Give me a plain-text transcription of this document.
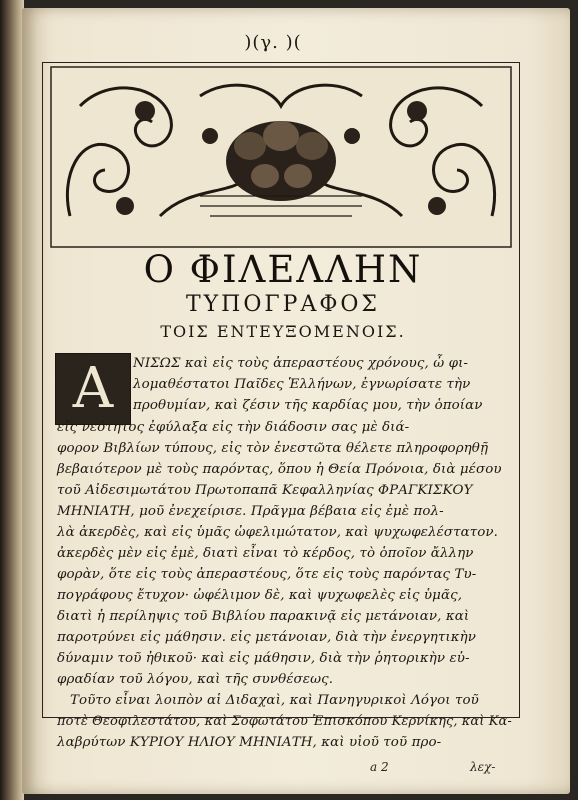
)(γ. )(
Ο ΦΙΛΕΛΛΗΝ
ΤΥΠΟΓΡΑΦΟΣ
ΤΟΙΣ ΕΝΤΕΥΞΟΜΕΝΟΙΣ.
Α	ΝΙΣΩΣ καὶ εἰς τοὺς ἀπεραστέους χρόνους, ὦ φι-
λομαθέστατοι Παῖδες Ἑλλήνων, ἐγνωρίσατε τὴν
προθυμίαν, καὶ ζέσιν τῆς καρδίας μου, τὴν ὁποίαν
εἰς νεότητος ἐφύλαξα εἰς τὴν διάδοσιν σας μὲ διά-
φορον Βιβλίων τύπους, εἰς τὸν ἐνεστῶτα θέλετε πληροφορηθῇ
βεβαιότερον μὲ τοὺς παρόντας, ὅπου ἡ Θεία Πρόνοια, διὰ μέσου
τοῦ Αἰδεσιμωτάτου Πρωτοπαπᾶ Κεφαλληνίας ΦΡΑΓΚΙΣΚΟΥ
ΜΗΝΙΑΤΗ, μοῦ ἐνεχείρισε. Πρᾶγμα βέβαια εἰς ἐμὲ πολ-
λὰ ἀκερδὲς, καὶ εἰς ὑμᾶς ὠφελιμώτατον, καὶ ψυχωφελέστατον.
ἀκερδὲς μὲν εἰς ἐμὲ, διατὶ εἶναι τὸ κέρδος, τὸ ὁποῖον ἄλλην
φορὰν, ὅτε εἰς τοὺς ἀπεραστέους, ὅτε εἰς τοὺς παρόντας Τυ-
πογράφους ἔτυχον· ὠφέλιμον δὲ, καὶ ψυχωφελὲς εἰς ὑμᾶς,
διατὶ ἡ περίληψις τοῦ Βιβλίου παρακινᾷ εἰς μετάνοιαν, καὶ
παροτρύνει εἰς μάθησιν. εἰς μετάνοιαν, διὰ τὴν ἐνεργητικὴν
δύναμιν τοῦ ἠθικοῦ· καὶ εἰς μάθησιν, διὰ τὴν ῥητορικὴν εὐ-
φραδίαν τοῦ λόγου, καὶ τῆς συνθέσεως.
Τοῦτο εἶναι λοιπὸν αἱ Διδαχαὶ, καὶ Πανηγυρικοὶ Λόγοι τοῦ
ποτὲ Θεοφιλεστάτου, καὶ Σοφωτάτου Ἐπισκόπου Κερνίκης, καὶ Κα-
λαβρύτων ΚΥΡΙΟΥ ΗΛΙΟΥ ΜΗΝΙΑΤΗ, καὶ υἱοῦ τοῦ προ-
a 2	λεχ-
